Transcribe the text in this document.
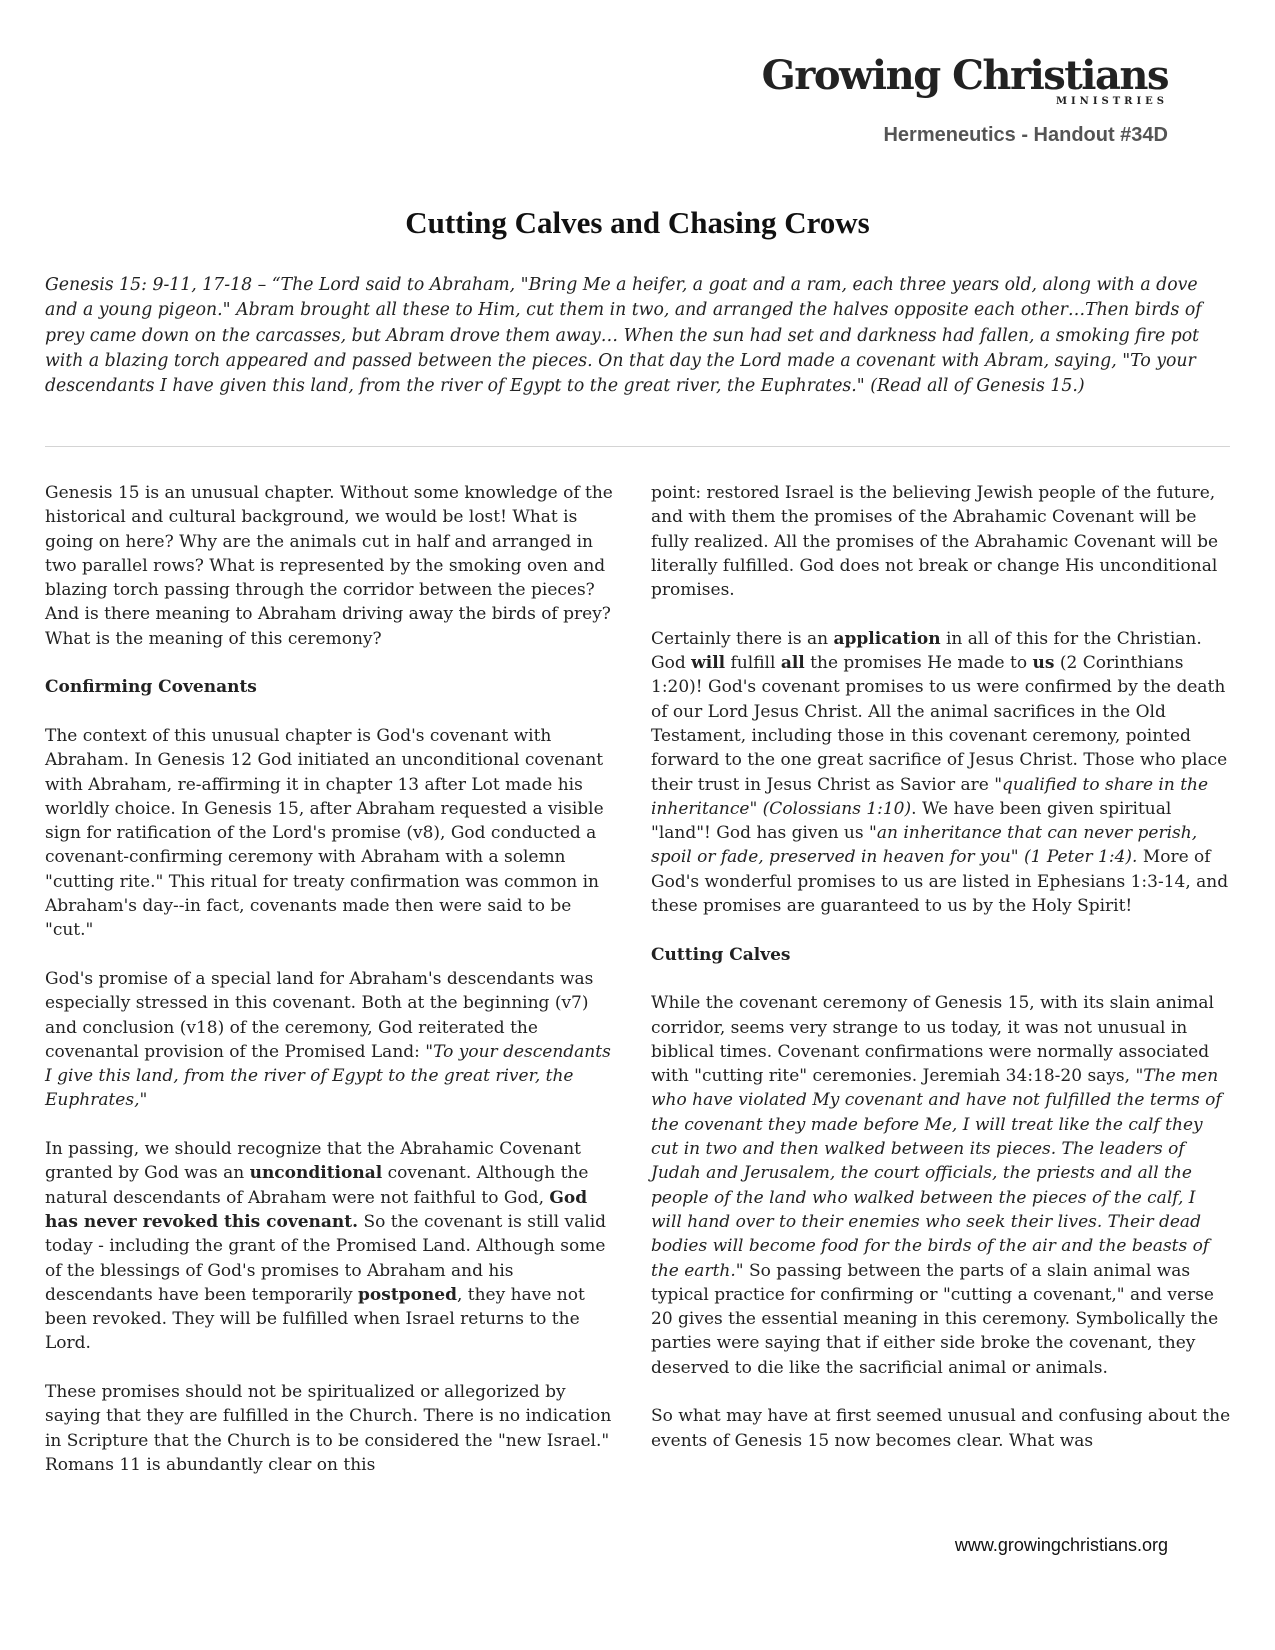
Growing Christians
MINISTRIES
Hermeneutics - Handout #34D
Cutting Calves and Chasing Crows
Genesis 15: 9-11, 17-18 – “The Lord said to Abraham, "Bring Me a heifer, a goat and a ram, each three years old, along with a dove and a young pigeon." Abram brought all these to Him, cut them in two, and arranged the halves opposite each other…Then birds of prey came down on the carcasses, but Abram drove them away… When the sun had set and darkness had fallen, a smoking fire pot with a blazing torch appeared and passed between the pieces. On that day the Lord made a covenant with Abram, saying, "To your descendants I have given this land, from the river of Egypt to the great river, the Euphrates." (Read all of Genesis 15.)

Genesis 15 is an unusual chapter. Without some knowledge of the historical and cultural background, we would be lost! What is going on here? Why are the animals cut in half and arranged in two parallel rows? What is represented by the smoking oven and blazing torch passing through the corridor between the pieces? And is there meaning to Abraham driving away the birds of prey? What is the meaning of this ceremony?

Confirming Covenants

The context of this unusual chapter is God's covenant with Abraham. In Genesis 12 God initiated an unconditional covenant with Abraham, re-affirming it in chapter 13 after Lot made his worldly choice. In Genesis 15, after Abraham requested a visible sign for ratification of the Lord's promise (v8), God conducted a covenant-confirming ceremony with Abraham with a solemn "cutting rite." This ritual for treaty confirmation was common in Abraham's day--in fact, covenants made then were said to be "cut."

God's promise of a special land for Abraham's descendants was especially stressed in this covenant. Both at the beginning (v7) and conclusion (v18) of the ceremony, God reiterated the covenantal provision of the Promised Land: "To your descendants I give this land, from the river of Egypt to the great river, the Euphrates,"

In passing, we should recognize that the Abrahamic Covenant granted by God was an unconditional covenant. Although the natural descendants of Abraham were not faithful to God, God has never revoked this covenant. So the covenant is still valid today - including the grant of the Promised Land. Although some of the blessings of God's promises to Abraham and his descendants have been temporarily postponed, they have not been revoked. They will be fulfilled when Israel returns to the Lord.

These promises should not be spiritualized or allegorized by saying that they are fulfilled in the Church. There is no indication in Scripture that the Church is to be considered the "new Israel." Romans 11 is abundantly clear on this

point: restored Israel is the believing Jewish people of the future, and with them the promises of the Abrahamic Covenant will be fully realized. All the promises of the Abrahamic Covenant will be literally fulfilled. God does not break or change His unconditional promises.

Certainly there is an application in all of this for the Christian. God will fulfill all the promises He made to us (2 Corinthians 1:20)! God's covenant promises to us were confirmed by the death of our Lord Jesus Christ. All the animal sacrifices in the Old Testament, including those in this covenant ceremony, pointed forward to the one great sacrifice of Jesus Christ. Those who place their trust in Jesus Christ as Savior are "qualified to share in the inheritance" (Colossians 1:10). We have been given spiritual "land"! God has given us "an inheritance that can never perish, spoil or fade, preserved in heaven for you" (1 Peter 1:4). More of God's wonderful promises to us are listed in Ephesians 1:3-14, and these promises are guaranteed to us by the Holy Spirit!

Cutting Calves

While the covenant ceremony of Genesis 15, with its slain animal corridor, seems very strange to us today, it was not unusual in biblical times. Covenant confirmations were normally associated with "cutting rite" ceremonies. Jeremiah 34:18-20 says, "The men who have violated My covenant and have not fulfilled the terms of the covenant they made before Me, I will treat like the calf they cut in two and then walked between its pieces. The leaders of Judah and Jerusalem, the court officials, the priests and all the people of the land who walked between the pieces of the calf, I will hand over to their enemies who seek their lives. Their dead bodies will become food for the birds of the air and the beasts of the earth." So passing between the parts of a slain animal was typical practice for confirming or "cutting a covenant," and verse 20 gives the essential meaning in this ceremony. Symbolically the parties were saying that if either side broke the covenant, they deserved to die like the sacrificial animal or animals.

So what may have at first seemed unusual and confusing about the events of Genesis 15 now becomes clear. What was

www.growingchristians.org
